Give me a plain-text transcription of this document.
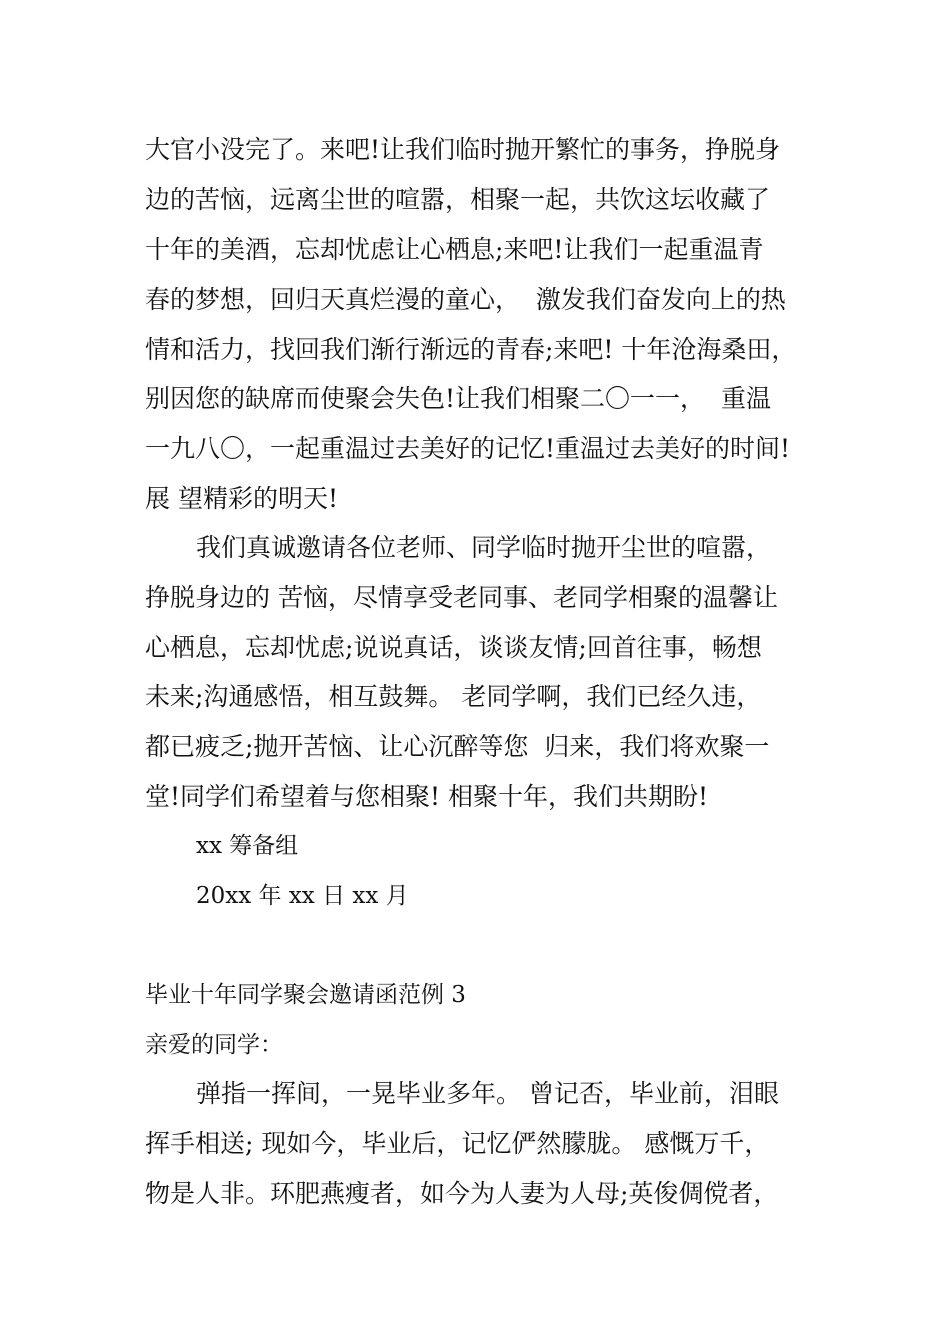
大官小没完了。来吧!让我们临时抛开繁忙的事务，挣脱身
边的苦恼，远离尘世的喧嚣，相聚一起，共饮这坛收藏了
十年的美酒，忘却忧虑让心栖息;来吧!让我们一起重温青
春的梦想，回归天真烂漫的童心，  激发我们奋发向上的热
情和活力，找回我们渐行渐远的青春;来吧! 十年沧海桑田，
别因您的缺席而使聚会失色!让我们相聚二〇一一，  重温
一九八〇，一起重温过去美好的记忆!重温过去美好的时间!
展 望精彩的明天!
我们真诚邀请各位老师、同学临时抛开尘世的喧嚣，
挣脱身边的 苦恼，尽情享受老同事、老同学相聚的温馨让
心栖息，忘却忧虑;说说真话，谈谈友情;回首往事，畅想
未来;沟通感悟，相互鼓舞。 老同学啊，我们已经久违，
都已疲乏;抛开苦恼、让心沉醉等您  归来，我们将欢聚一
堂!同学们希望着与您相聚! 相聚十年，我们共期盼!
xx 筹备组
20xx 年 xx 日 xx 月
毕业十年同学聚会邀请函范例 3
亲爱的同学：
弹指一挥间，一晃毕业多年。 曾记否，毕业前，泪眼
挥手相送; 现如今，毕业后，记忆俨然朦胧。 感慨万千，
物是人非。环肥燕瘦者，如今为人妻为人母;英俊倜傥者，
